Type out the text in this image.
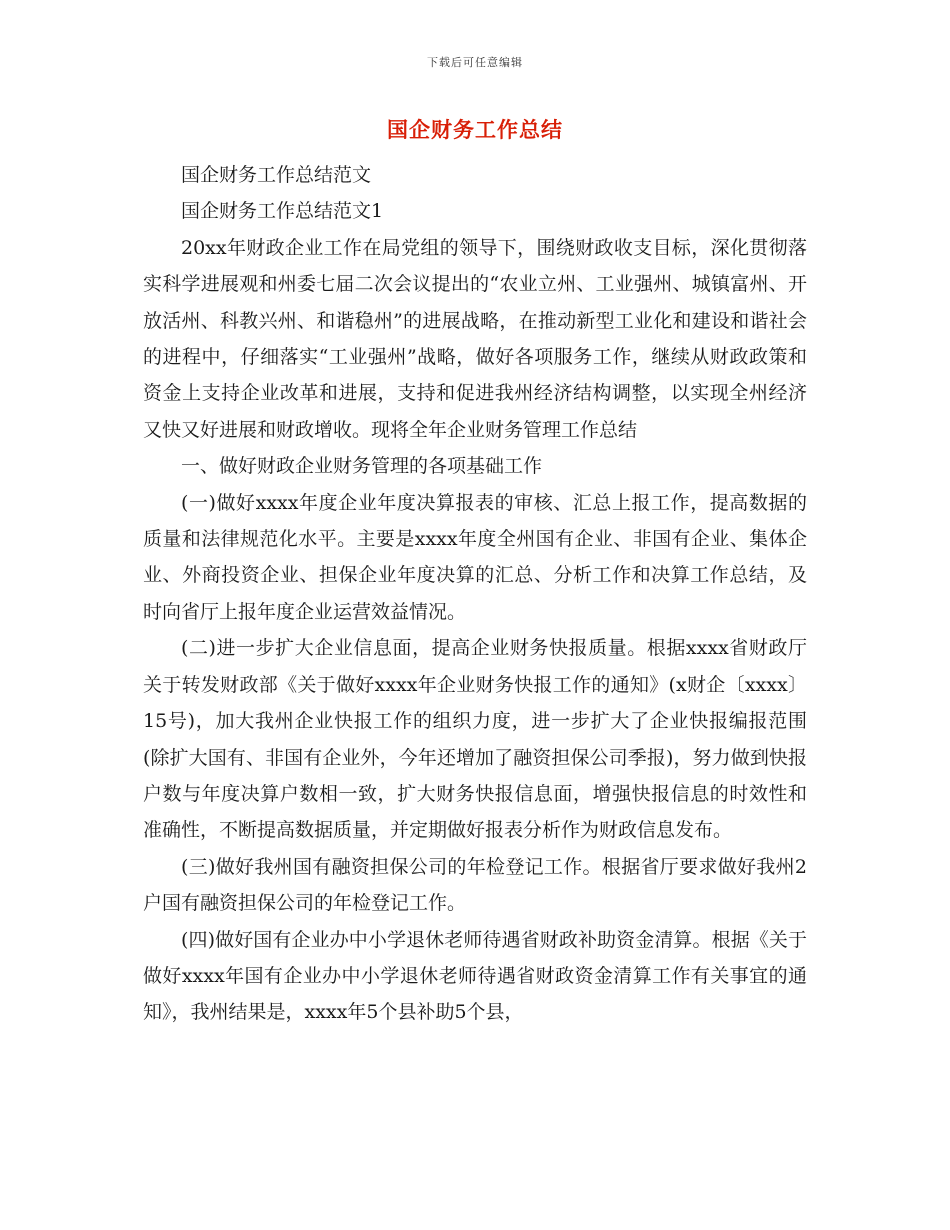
下载后可任意编辑
国企财务工作总结

国企财务工作总结范文

国企财务工作总结范文1

20xx年财政企业工作在局党组的领导下，围绕财政收支目标，深化贯彻落实科学进展观和州委七届二次会议提出的“农业立州、工业强州、城镇富州、开放活州、科教兴州、和谐稳州”的进展战略，在推动新型工业化和建设和谐社会的进程中，仔细落实“工业强州”战略，做好各项服务工作，继续从财政政策和资金上支持企业改革和进展，支持和促进我州经济结构调整，以实现全州经济又快又好进展和财政增收。现将全年企业财务管理工作总结

一、做好财政企业财务管理的各项基础工作

(一)做好xxxx年度企业年度决算报表的审核、汇总上报工作，提高数据的质量和法律规范化水平。主要是xxxx年度全州国有企业、非国有企业、集体企业、外商投资企业、担保企业年度决算的汇总、分析工作和决算工作总结，及时向省厅上报年度企业运营效益情况。

(二)进一步扩大企业信息面，提高企业财务快报质量。根据xxxx省财政厅关于转发财政部《关于做好xxxx年企业财务快报工作的通知》(x财企〔xxxx〕15号)，加大我州企业快报工作的组织力度，进一步扩大了企业快报编报范围(除扩大国有、非国有企业外，今年还增加了融资担保公司季报)，努力做到快报户数与年度决算户数相一致，扩大财务快报信息面，增强快报信息的时效性和准确性，不断提高数据质量，并定期做好报表分析作为财政信息发布。

(三)做好我州国有融资担保公司的年检登记工作。根据省厅要求做好我州2户国有融资担保公司的年检登记工作。

(四)做好国有企业办中小学退休老师待遇省财政补助资金清算。根据《关于做好xxxx年国有企业办中小学退休老师待遇省财政资金清算工作有关事宜的通知》，我州结果是，xxxx年5个县补助5个县，
